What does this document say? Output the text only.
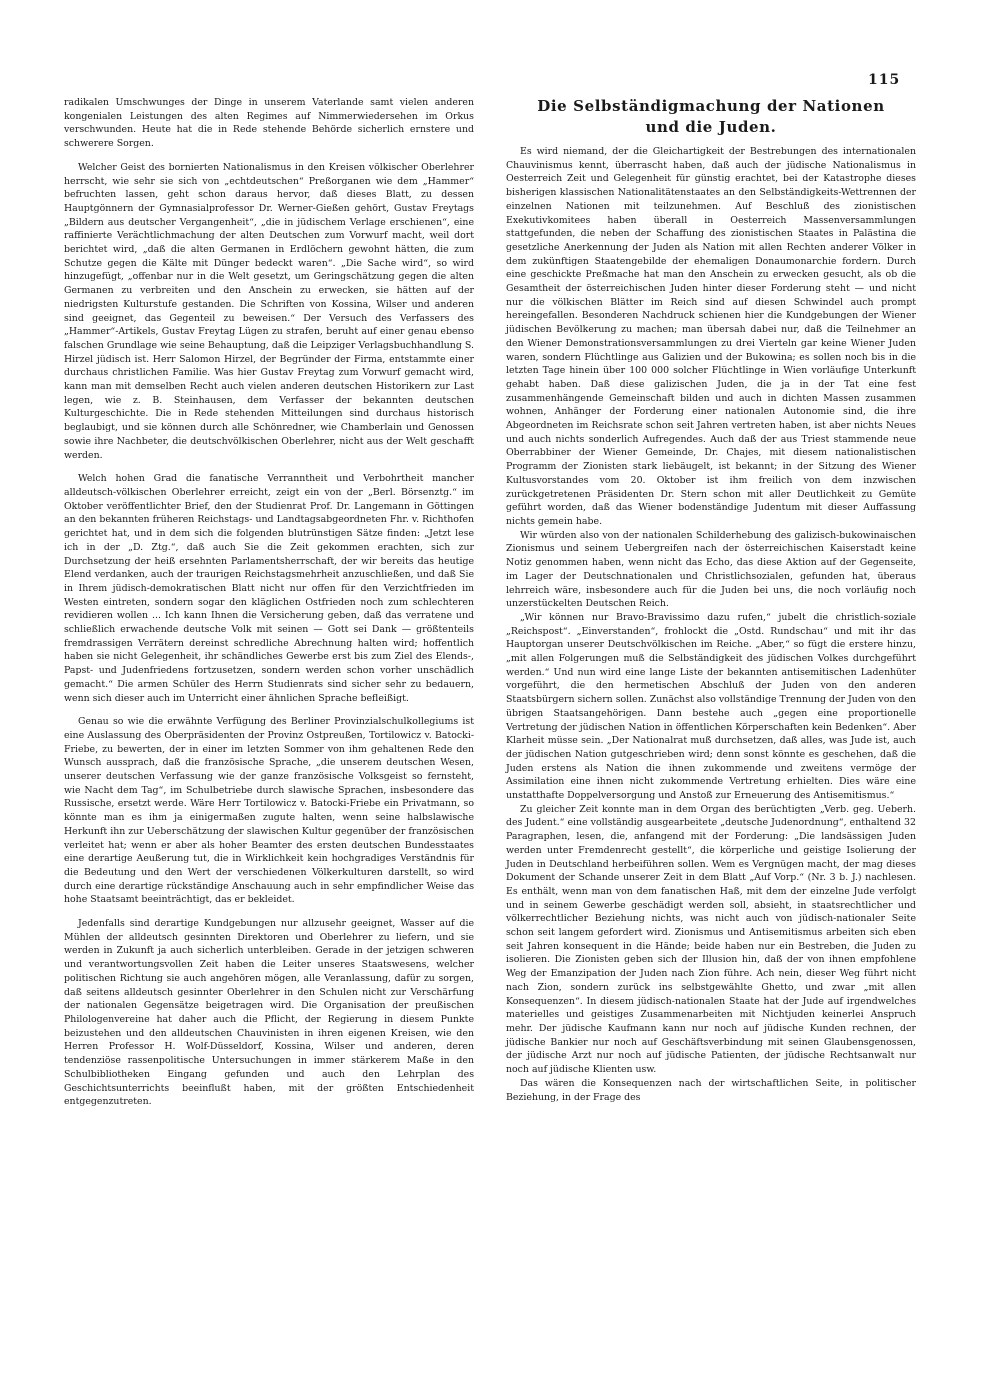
115

radikalen Umschwunges der Dinge in unserem Vaterlande samt vielen anderen kongenialen Leistungen des alten Regimes auf Nimmerwiedersehen im Orkus verschwunden. Heute hat die in Rede stehende Behörde sicherlich ernstere und schwerere Sorgen.

Welcher Geist des bornierten Nationalismus in den Kreisen völkischer Oberlehrer herrscht, wie sehr sie sich von „echtdeutschen“ Preßorganen wie dem „Hammer“ befruchten lassen, geht schon daraus hervor, daß dieses Blatt, zu dessen Hauptgönnern der Gymnasialprofessor Dr. Werner-Gießen gehört, Gustav Freytags „Bildern aus deutscher Vergangenheit“, „die in jüdischem Verlage erschienen“, eine raffinierte Verächtlichmachung der alten Deutschen zum Vorwurf macht, weil dort berichtet wird, „daß die alten Germanen in Erdlöchern gewohnt hätten, die zum Schutze gegen die Kälte mit Dünger bedeckt waren“. „Die Sache wird“, so wird hinzugefügt, „offenbar nur in die Welt gesetzt, um Geringschätzung gegen die alten Germanen zu verbreiten und den Anschein zu erwecken, sie hätten auf der niedrigsten Kulturstufe gestanden. Die Schriften von Kossina, Wilser und anderen sind geeignet, das Gegenteil zu beweisen.“ Der Versuch des Verfassers des „Hammer“-Artikels, Gustav Freytag Lügen zu strafen, beruht auf einer genau ebenso falschen Grundlage wie seine Behauptung, daß die Leipziger Verlagsbuchhandlung S. Hirzel jüdisch ist. Herr Salomon Hirzel, der Begründer der Firma, entstammte einer durchaus christlichen Familie. Was hier Gustav Freytag zum Vorwurf gemacht wird, kann man mit demselben Recht auch vielen anderen deutschen Historikern zur Last legen, wie z. B. Steinhausen, dem Verfasser der bekannten deutschen Kulturgeschichte. Die in Rede stehenden Mitteilungen sind durchaus historisch beglaubigt, und sie können durch alle Schönredner, wie Chamberlain und Genossen sowie ihre Nachbeter, die deutschvölkischen Oberlehrer, nicht aus der Welt geschafft werden.

Welch hohen Grad die fanatische Verranntheit und Verbohrtheit mancher alldeutsch-völkischen Oberlehrer erreicht, zeigt ein von der „Berl. Börsenztg.“ im Oktober veröffentlichter Brief, den der Studienrat Prof. Dr. Langemann in Göttingen an den bekannten früheren Reichstags- und Landtagsabgeordneten Fhr. v. Richthofen gerichtet hat, und in dem sich die folgenden blutrünstigen Sätze finden: „Jetzt lese ich in der „D. Ztg.“, daß auch Sie die Zeit gekommen erachten, sich zur Durchsetzung der heiß ersehnten Parlamentsherrschaft, der wir bereits das heutige Elend verdanken, auch der traurigen Reichstagsmehrheit anzuschließen, und daß Sie in Ihrem jüdisch-demokratischen Blatt nicht nur offen für den Verzichtfrieden im Westen eintreten, sondern sogar den kläglichen Ostfrieden noch zum schlechteren revidieren wollen ... Ich kann Ihnen die Versicherung geben, daß das verratene und schließlich erwachende deutsche Volk mit seinen — Gott sei Dank — größtenteils fremdrassigen Verrätern dereinst schredliche Abrechnung halten wird; hoffentlich haben sie nicht Gelegenheit, ihr schändliches Gewerbe erst bis zum Ziel des Elends-, Papst- und Judenfriedens fortzusetzen, sondern werden schon vorher unschädlich gemacht.“ Die armen Schüler des Herrn Studienrats sind sicher sehr zu bedauern, wenn sich dieser auch im Unterricht einer ähnlichen Sprache befleißigt.

Genau so wie die erwähnte Verfügung des Berliner Provinzialschulkollegiums ist eine Auslassung des Oberpräsidenten der Provinz Ostpreußen, Tortilowicz v. Batocki-Friebe, zu bewerten, der in einer im letzten Sommer von ihm gehaltenen Rede den Wunsch aussprach, daß die französische Sprache, „die unserem deutschen Wesen, unserer deutschen Verfassung wie der ganze französische Volksgeist so fernsteht, wie Nacht dem Tag“, im Schulbetriebe durch slawische Sprachen, insbesondere das Russische, ersetzt werde. Wäre Herr Tortilowicz v. Batocki-Friebe ein Privatmann, so könnte man es ihm ja einigermaßen zugute halten, wenn seine halbslawische Herkunft ihn zur Ueberschätzung der slawischen Kultur gegenüber der französischen verleitet hat; wenn er aber als hoher Beamter des ersten deutschen Bundesstaates eine derartige Aeußerung tut, die in Wirklichkeit kein hochgradiges Verständnis für die Bedeutung und den Wert der verschiedenen Völkerkulturen darstellt, so wird durch eine derartige rückständige Anschauung auch in sehr empfindlicher Weise das hohe Staatsamt beeinträchtigt, das er bekleidet.

Jedenfalls sind derartige Kundgebungen nur allzusehr geeignet, Wasser auf die Mühlen der alldeutsch gesinnten Direktoren und Oberlehrer zu liefern, und sie werden in Zukunft ja auch sicherlich unterbleiben. Gerade in der jetzigen schweren und verantwortungsvollen Zeit haben die Leiter unseres Staatswesens, welcher politischen Richtung sie auch angehören mögen, alle Veranlassung, dafür zu sorgen, daß seitens alldeutsch gesinnter Oberlehrer in den Schulen nicht zur Verschärfung der nationalen Gegensätze beigetragen wird. Die Organisation der preußischen Philologenvereine hat daher auch die Pflicht, der Regierung in diesem Punkte beizustehen und den alldeutschen Chauvinisten in ihren eigenen Kreisen, wie den Herren Professor H. Wolf-Düsseldorf, Kossina, Wilser und anderen, deren tendenziöse rassenpolitische Untersuchungen in immer stärkerem Maße in den Schulbibliotheken Eingang gefunden und auch den Lehrplan des Geschichtsunterrichts beeinflußt haben, mit der größten Entschiedenheit entgegenzutreten.

Die Selbständigmachung der Nationen
und die Juden.

Es wird niemand, der die Gleichartigkeit der Bestrebungen des internationalen Chauvinismus kennt, überrascht haben, daß auch der jüdische Nationalismus in Oesterreich Zeit und Gelegenheit für günstig erachtet, bei der Katastrophe dieses bisherigen klassischen Nationalitätenstaates an den Selbständigkeits-Wettrennen der einzelnen Nationen mit teilzunehmen. Auf Beschluß des zionistischen Exekutivkomitees haben überall in Oesterreich Massenversammlungen stattgefunden, die neben der Schaffung des zionistischen Staates in Palästina die gesetzliche Anerkennung der Juden als Nation mit allen Rechten anderer Völker in dem zukünftigen Staatengebilde der ehemaligen Donaumonarchie fordern. Durch eine geschickte Preßmache hat man den Anschein zu erwecken gesucht, als ob die Gesamtheit der österreichischen Juden hinter dieser Forderung steht — und nicht nur die völkischen Blätter im Reich sind auf diesen Schwindel auch prompt hereingefallen. Besonderen Nachdruck schienen hier die Kundgebungen der Wiener jüdischen Bevölkerung zu machen; man übersah dabei nur, daß die Teilnehmer an den Wiener Demonstrationsversammlungen zu drei Vierteln gar keine Wiener Juden waren, sondern Flüchtlinge aus Galizien und der Bukowina; es sollen noch bis in die letzten Tage hinein über 100 000 solcher Flüchtlinge in Wien vorläufige Unterkunft gehabt haben. Daß diese galizischen Juden, die ja in der Tat eine fest zusammenhängende Gemeinschaft bilden und auch in dichten Massen zusammen wohnen, Anhänger der Forderung einer nationalen Autonomie sind, die ihre Abgeordneten im Reichsrate schon seit Jahren vertreten haben, ist aber nichts Neues und auch nichts sonderlich Aufregendes. Auch daß der aus Triest stammende neue Oberrabbiner der Wiener Gemeinde, Dr. Chajes, mit diesem nationalistischen Programm der Zionisten stark liebäugelt, ist bekannt; in der Sitzung des Wiener Kultusvorstandes vom 20. Oktober ist ihm freilich von dem inzwischen zurückgetretenen Präsidenten Dr. Stern schon mit aller Deutlichkeit zu Gemüte geführt worden, daß das Wiener bodenständige Judentum mit dieser Auffassung nichts gemein habe.

Wir würden also von der nationalen Schilderhebung des galizisch-bukowinaischen Zionismus und seinem Uebergreifen nach der österreichischen Kaiserstadt keine Notiz genommen haben, wenn nicht das Echo, das diese Aktion auf der Gegenseite, im Lager der Deutschnationalen und Christlichsozialen, gefunden hat, überaus lehrreich wäre, insbesondere auch für die Juden bei uns, die noch vorläufig noch unzerstückelten Deutschen Reich.

„Wir können nur Bravo-Bravissimo dazu rufen,“ jubelt die christlich-soziale „Reichspost“. „Einverstanden“, frohlockt die „Ostd. Rundschau“ und mit ihr das Hauptorgan unserer Deutschvölkischen im Reiche. „Aber,“ so fügt die erstere hinzu, „mit allen Folgerungen muß die Selbständigkeit des jüdischen Volkes durchgeführt werden.“ Und nun wird eine lange Liste der bekannten antisemitischen Ladenhüter vorgeführt, die den hermetischen Abschluß der Juden von den anderen Staatsbürgern sichern sollen. Zunächst also vollständige Trennung der Juden von den übrigen Staatsangehörigen. Dann bestehe auch „gegen eine proportionelle Vertretung der jüdischen Nation in öffentlichen Körperschaften kein Bedenken“. Aber Klarheit müsse sein. „Der Nationalrat muß durchsetzen, daß alles, was Jude ist, auch der jüdischen Nation gutgeschrieben wird; denn sonst könnte es geschehen, daß die Juden erstens als Nation die ihnen zukommende und zweitens vermöge der Assimilation eine ihnen nicht zukommende Vertretung erhielten. Dies wäre eine unstatthafte Doppelversorgung und Anstoß zur Erneuerung des Antisemitismus.“

Zu gleicher Zeit konnte man in dem Organ des berüchtigten „Verb. geg. Ueberh. des Judent.“ eine vollständig ausgearbeitete „deutsche Judenordnung“, enthaltend 32 Paragraphen, lesen, die, anfangend mit der Forderung: „Die landsässigen Juden werden unter Fremdenrecht gestellt“, die körperliche und geistige Isolierung der Juden in Deutschland herbeiführen sollen. Wem es Vergnügen macht, der mag dieses Dokument der Schande unserer Zeit in dem Blatt „Auf Vorp.“ (Nr. 3 b. J.) nachlesen. Es enthält, wenn man von dem fanatischen Haß, mit dem der einzelne Jude verfolgt und in seinem Gewerbe geschädigt werden soll, absieht, in staatsrechtlicher und völkerrechtlicher Beziehung nichts, was nicht auch von jüdisch-nationaler Seite schon seit langem gefordert wird. Zionismus und Antisemitismus arbeiten sich eben seit Jahren konsequent in die Hände; beide haben nur ein Bestreben, die Juden zu isolieren. Die Zionisten geben sich der Illusion hin, daß der von ihnen empfohlene Weg der Emanzipation der Juden nach Zion führe. Ach nein, dieser Weg führt nicht nach Zion, sondern zurück ins selbstgewählte Ghetto, und zwar „mit allen Konsequenzen“. In diesem jüdisch-nationalen Staate hat der Jude auf irgendwelches materielles und geistiges Zusammenarbeiten mit Nichtjuden keinerlei Anspruch mehr. Der jüdische Kaufmann kann nur noch auf jüdische Kunden rechnen, der jüdische Bankier nur noch auf Geschäftsverbindung mit seinen Glaubensgenossen, der jüdische Arzt nur noch auf jüdische Patienten, der jüdische Rechtsanwalt nur noch auf jüdische Klienten usw.

Das wären die Konsequenzen nach der wirtschaftlichen Seite, in politischer Beziehung, in der Frage des
